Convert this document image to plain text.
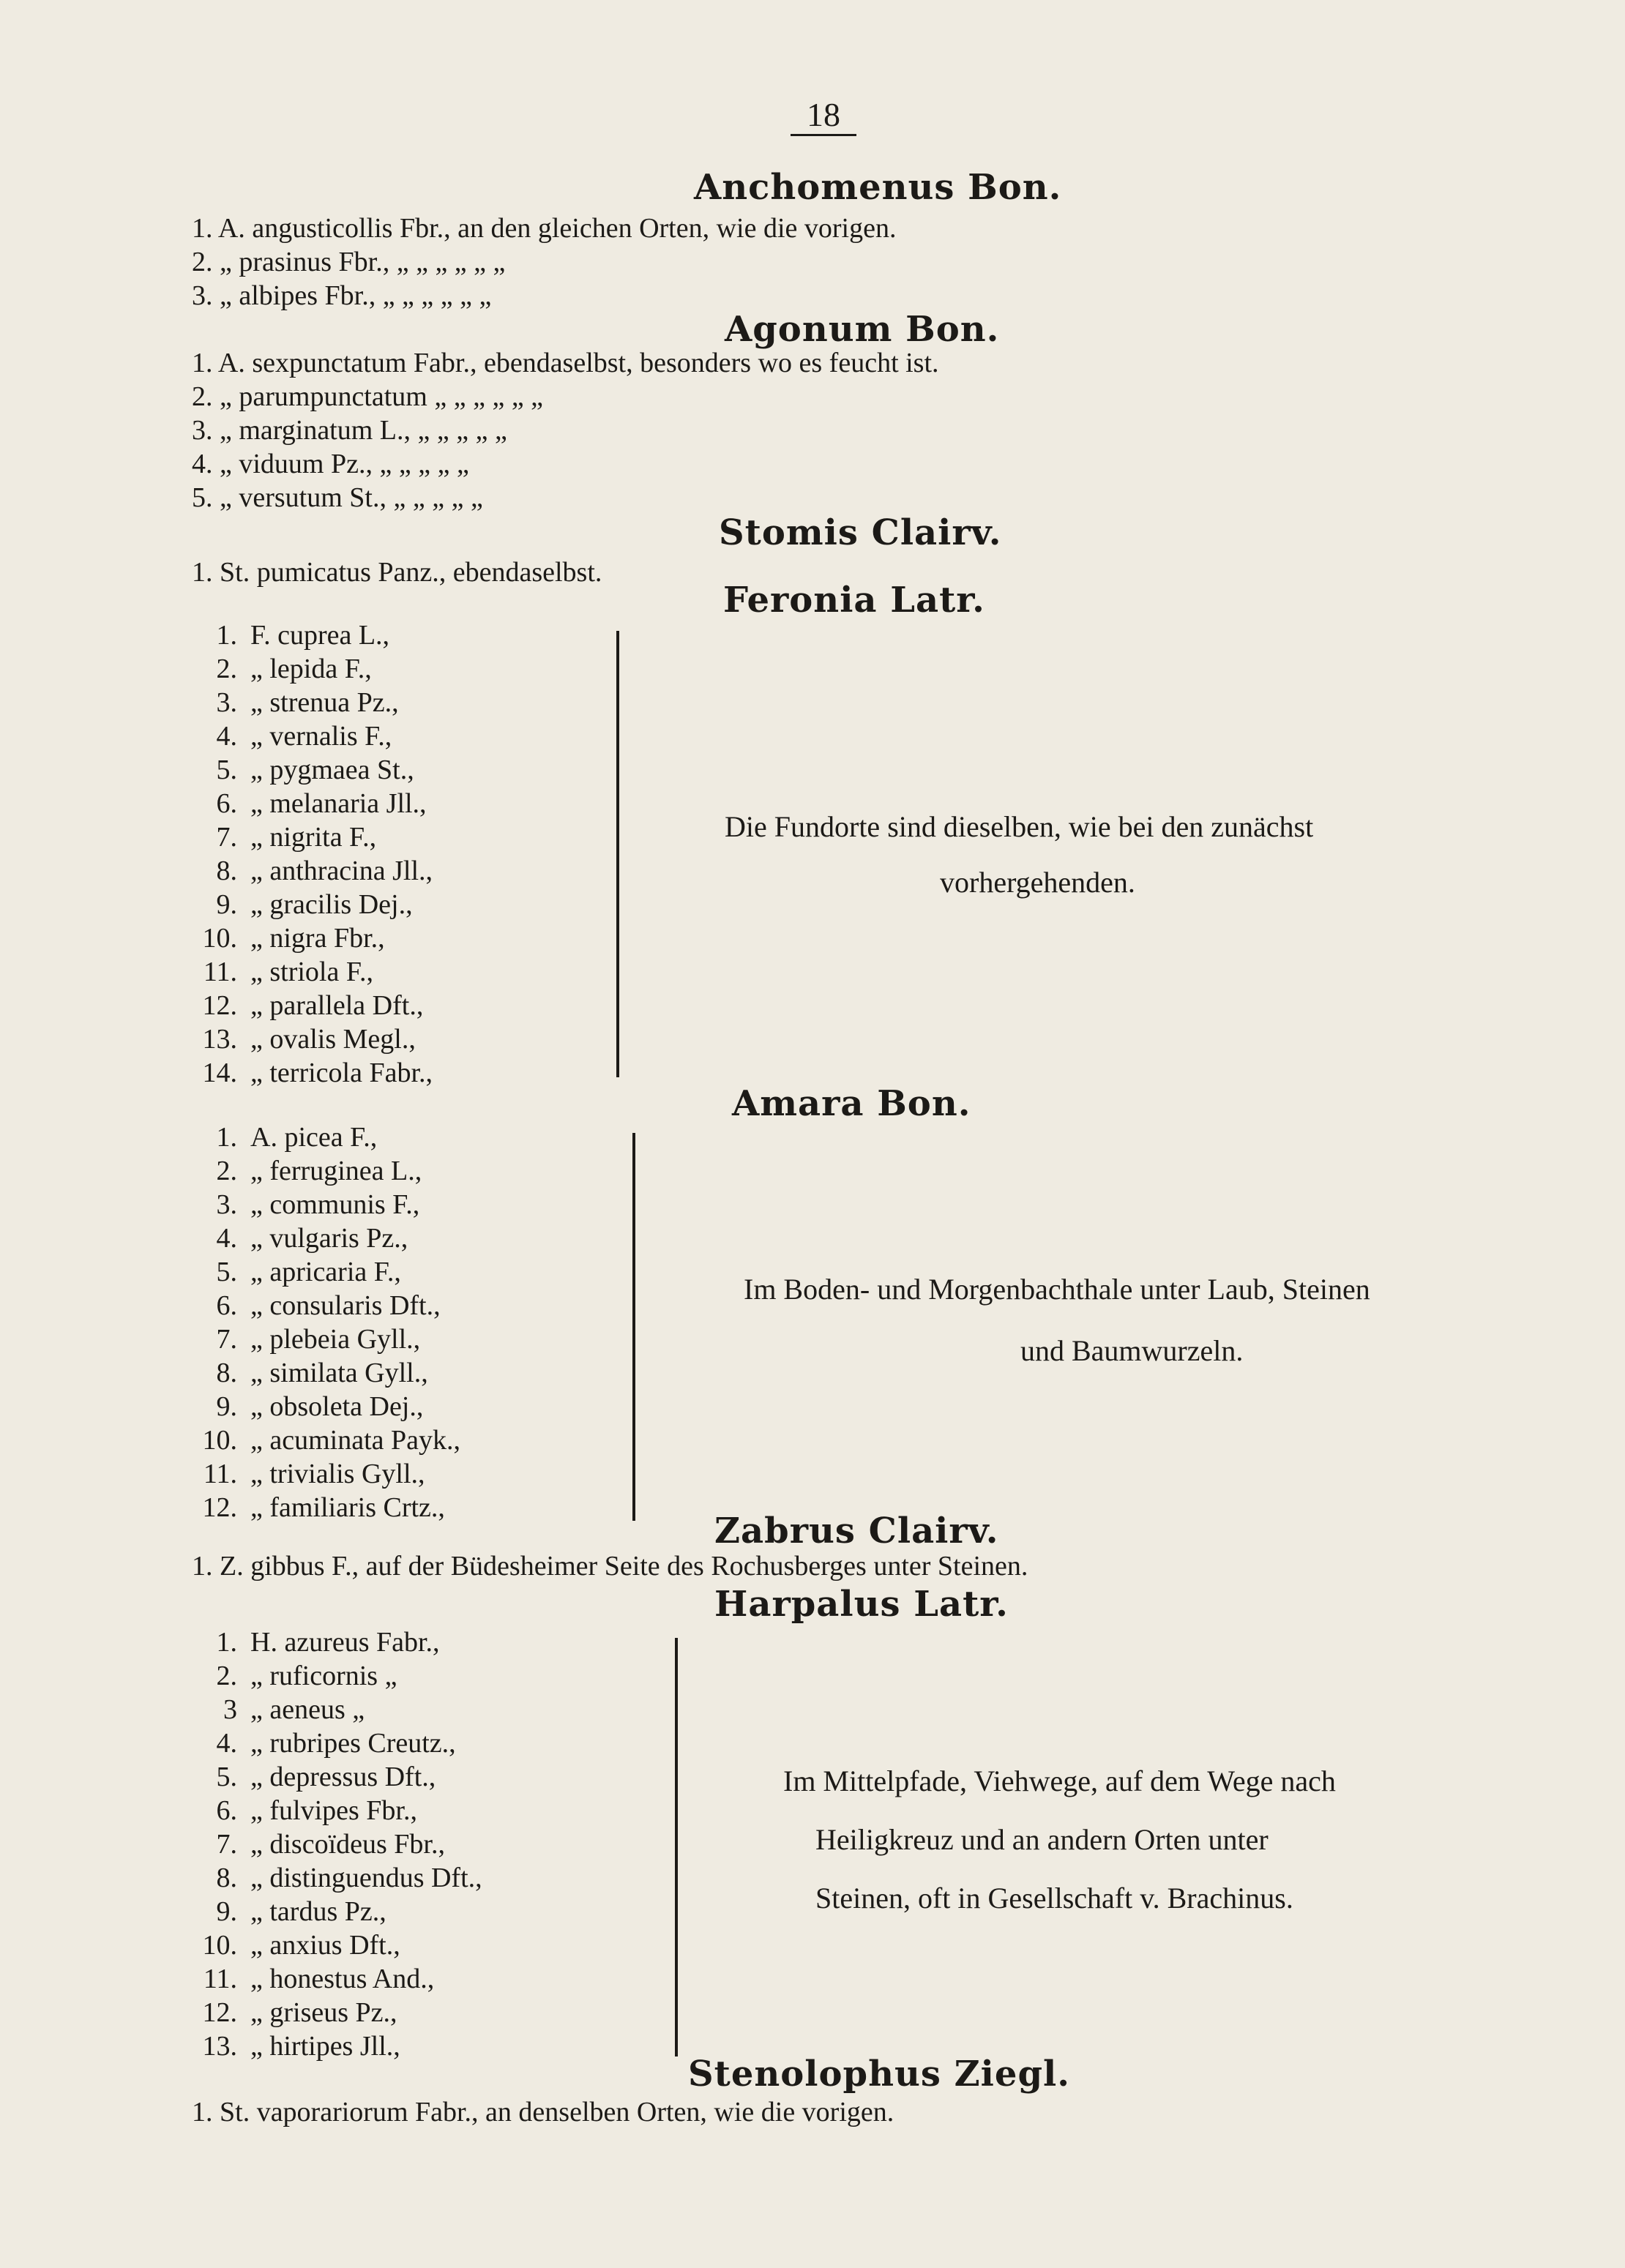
18
Anchomenus Bon.
1. A. angusticollis Fbr., an den gleichen Orten, wie die vorigen.
2. „ prasinus Fbr., „ „ „ „ „ „
3. „ albipes Fbr., „ „ „ „ „ „
Agonum Bon.
1. A. sexpunctatum Fabr., ebendaselbst, besonders wo es feucht ist.
2. „ parumpunctatum „ „ „ „ „ „
3. „ marginatum L., „ „ „ „ „
4. „ viduum Pz., „ „ „ „ „
5. „ versutum St., „ „ „ „ „
Stomis Clairv.
1. St. pumicatus Panz., ebendaselbst.
Feronia Latr.
1. F. cuprea L.,
2. „ lepida F.,
3. „ strenua Pz.,
4. „ vernalis F.,
5. „ pygmaea St.,
6. „ melanaria Jll.,
7. „ nigrita F.,
8. „ anthracina Jll.,
9. „ gracilis Dej.,
10. „ nigra Fbr.,
11. „ striola F.,
12. „ parallela Dft.,
13. „ ovalis Megl.,
14. „ terricola Fabr.,
Die Fundorte sind dieselben, wie bei den zunächst
vorhergehenden.
Amara Bon.
1. A. picea F.,
2. „ ferruginea L.,
3. „ communis F.,
4. „ vulgaris Pz.,
5. „ apricaria F.,
6. „ consularis Dft.,
7. „ plebeia Gyll.,
8. „ similata Gyll.,
9. „ obsoleta Dej.,
10. „ acuminata Payk.,
11. „ trivialis Gyll.,
12. „ familiaris Crtz.,
Im Boden- und Morgenbachthale unter Laub, Steinen
und Baumwurzeln.
Zabrus Clairv.
1. Z. gibbus F., auf der Büdesheimer Seite des Rochusberges unter Steinen.
Harpalus Latr.
1. H. azureus Fabr.,
2. „ ruficornis „
3 „ aeneus „
4. „ rubripes Creutz.,
5. „ depressus Dft.,
6. „ fulvipes Fbr.,
7. „ discoïdeus Fbr.,
8. „ distinguendus Dft.,
9. „ tardus Pz.,
10. „ anxius Dft.,
11. „ honestus And.,
12. „ griseus Pz.,
13. „ hirtipes Jll.,
Im Mittelpfade, Viehwege, auf dem Wege nach
Heiligkreuz und an andern Orten unter
Steinen, oft in Gesellschaft v. Brachinus.
Stenolophus Ziegl.
1. St. vaporariorum Fabr., an denselben Orten, wie die vorigen.
